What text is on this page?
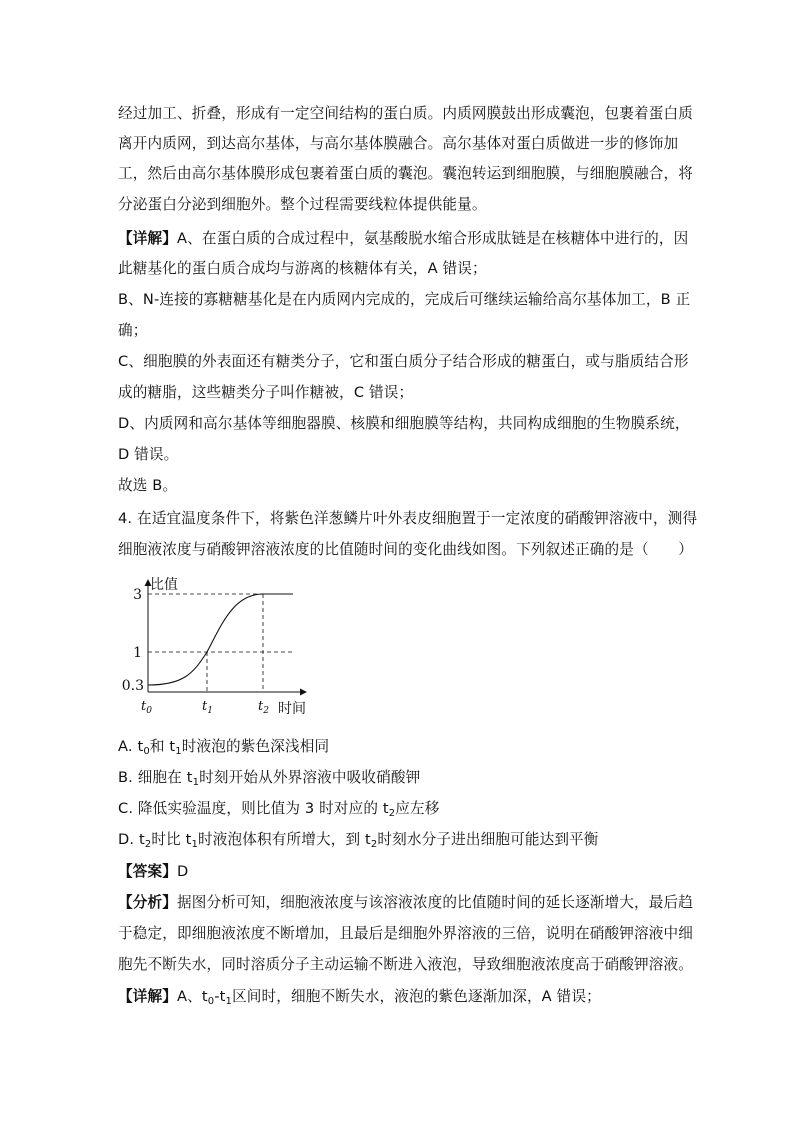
经过加工、折叠，形成有一定空间结构的蛋白质。内质网膜鼓出形成囊泡，包裹着蛋白质
离开内质网，到达高尔基体，与高尔基体膜融合。高尔基体对蛋白质做进一步的修饰加
工，然后由高尔基体膜形成包裹着蛋白质的囊泡。囊泡转运到细胞膜，与细胞膜融合，将
分泌蛋白分泌到细胞外。整个过程需要线粒体提供能量。
【详解】A、在蛋白质的合成过程中，氨基酸脱水缩合形成肽链是在核糖体中进行的，因
此糖基化的蛋白质合成均与游离的核糖体有关，A 错误；
B、N-连接的寡糖糖基化是在内质网内完成的，完成后可继续运输给高尔基体加工，B 正
确；
C、细胞膜的外表面还有糖类分子，它和蛋白质分子结合形成的糖蛋白，或与脂质结合形
成的糖脂，这些糖类分子叫作糖被，C 错误；
D、内质网和高尔基体等细胞器膜、核膜和细胞膜等结构，共同构成细胞的生物膜系统，
D 错误。
故选 B。
4. 在适宜温度条件下，将紫色洋葱鳞片叶外表皮细胞置于一定浓度的硝酸钾溶液中，测得
细胞液浓度与硝酸钾溶液浓度的比值随时间的变化曲线如图。下列叙述正确的是（　　）
比值
3
1
0.3
$t_0$	$t_1$	$t_2$ 时间
A. $t_0$和 $t_1$时液泡的紫色深浅相同
B. 细胞在 $t_1$时刻开始从外界溶液中吸收硝酸钾
C. 降低实验温度，则比值为 3 时对应的 $t_2$应左移
D. $t_2$时比 $t_1$时液泡体积有所增大，到 $t_2$时刻水分子进出细胞可能达到平衡
【答案】D
【分析】据图分析可知，细胞液浓度与该溶液浓度的比值随时间的延长逐渐增大，最后趋
于稳定，即细胞液浓度不断增加，且最后是细胞外界溶液的三倍，说明在硝酸钾溶液中细
胞先不断失水，同时溶质分子主动运输不断进入液泡，导致细胞液浓度高于硝酸钾溶液。
【详解】A、$t_0-t_1$区间时，细胞不断失水，液泡的紫色逐渐加深，A 错误；
